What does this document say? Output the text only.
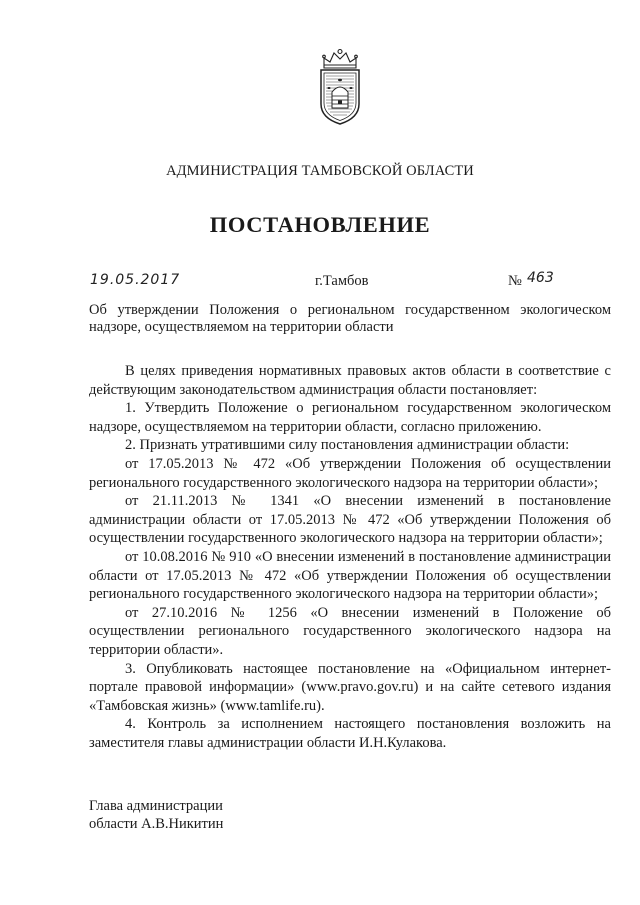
АДМИНИСТРАЦИЯ ТАМБОВСКОЙ ОБЛАСТИ
ПОСТАНОВЛЕНИЕ
19.05.2017	г.Тамбов	№ 463
Об утверждении Положения о региональном государственном экологическом надзоре, осуществляемом на территории области

В целях приведения нормативных правовых актов области в соответствие с действующим законодательством администрация области постановляет:

1. Утвердить Положение о региональном государственном экологическом надзоре, осуществляемом на территории области, согласно приложению.

2. Признать утратившими силу постановления администрации области:

от 17.05.2013 № 472 «Об утверждении Положения об осуществлении регионального государственного экологического надзора на территории области»;

от 21.11.2013 № 1341 «О внесении изменений в постановление администрации области от 17.05.2013 № 472 «Об утверждении Положения об осуществлении государственного экологического надзора на территории области»;

от 10.08.2016 № 910 «О внесении изменений в постановление администрации области от 17.05.2013 № 472 «Об утверждении Положения об осуществлении регионального государственного экологического надзора на территории области»;

от 27.10.2016 № 1256 «О внесении изменений в Положение об осуществлении регионального государственного экологического надзора на территории области».

3. Опубликовать настоящее постановление на «Официальном интернет-портале правовой информации» (www.pravo.gov.ru) и на сайте сетевого издания «Тамбовская жизнь» (www.tamlife.ru).

4. Контроль за исполнением настоящего постановления возложить на заместителя главы администрации области И.Н.Кулакова.

Глава администрации
области А.В.Никитин
